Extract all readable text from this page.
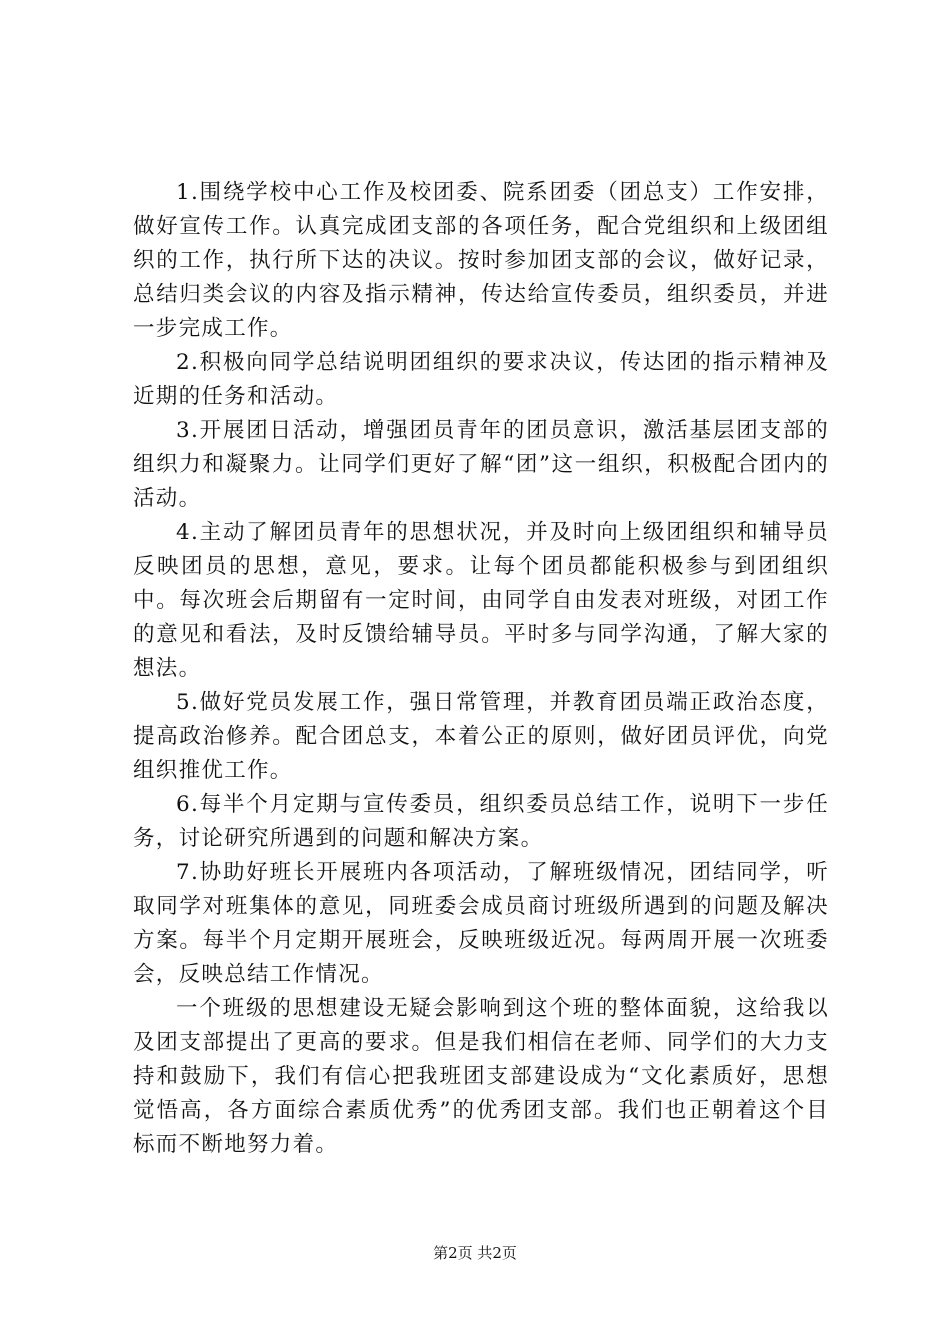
1.围绕学校中心工作及校团委、院系团委（团总支）工作安排，做好宣传工作。认真完成团支部的各项任务，配合党组织和上级团组织的工作，执行所下达的决议。按时参加团支部的会议，做好记录，总结归类会议的内容及指示精神，传达给宣传委员，组织委员，并进一步完成工作。

2.积极向同学总结说明团组织的要求决议，传达团的指示精神及近期的任务和活动。

3.开展团日活动，增强团员青年的团员意识，激活基层团支部的组织力和凝聚力。让同学们更好了解“团”这一组织，积极配合团内的活动。

4.主动了解团员青年的思想状况，并及时向上级团组织和辅导员反映团员的思想，意见，要求。让每个团员都能积极参与到团组织中。每次班会后期留有一定时间，由同学自由发表对班级，对团工作的意见和看法，及时反馈给辅导员。平时多与同学沟通，了解大家的想法。

5.做好党员发展工作，强日常管理，并教育团员端正政治态度，提高政治修养。配合团总支，本着公正的原则，做好团员评优，向党组织推优工作。

6.每半个月定期与宣传委员，组织委员总结工作，说明下一步任务，讨论研究所遇到的问题和解决方案。

7.协助好班长开展班内各项活动，了解班级情况，团结同学，听取同学对班集体的意见，同班委会成员商讨班级所遇到的问题及解决方案。每半个月定期开展班会，反映班级近况。每两周开展一次班委会，反映总结工作情况。

一个班级的思想建设无疑会影响到这个班的整体面貌，这给我以及团支部提出了更高的要求。但是我们相信在老师、同学们的大力支持和鼓励下，我们有信心把我班团支部建设成为“文化素质好，思想觉悟高，各方面综合素质优秀”的优秀团支部。我们也正朝着这个目标而不断地努力着。

第2页 共2页
